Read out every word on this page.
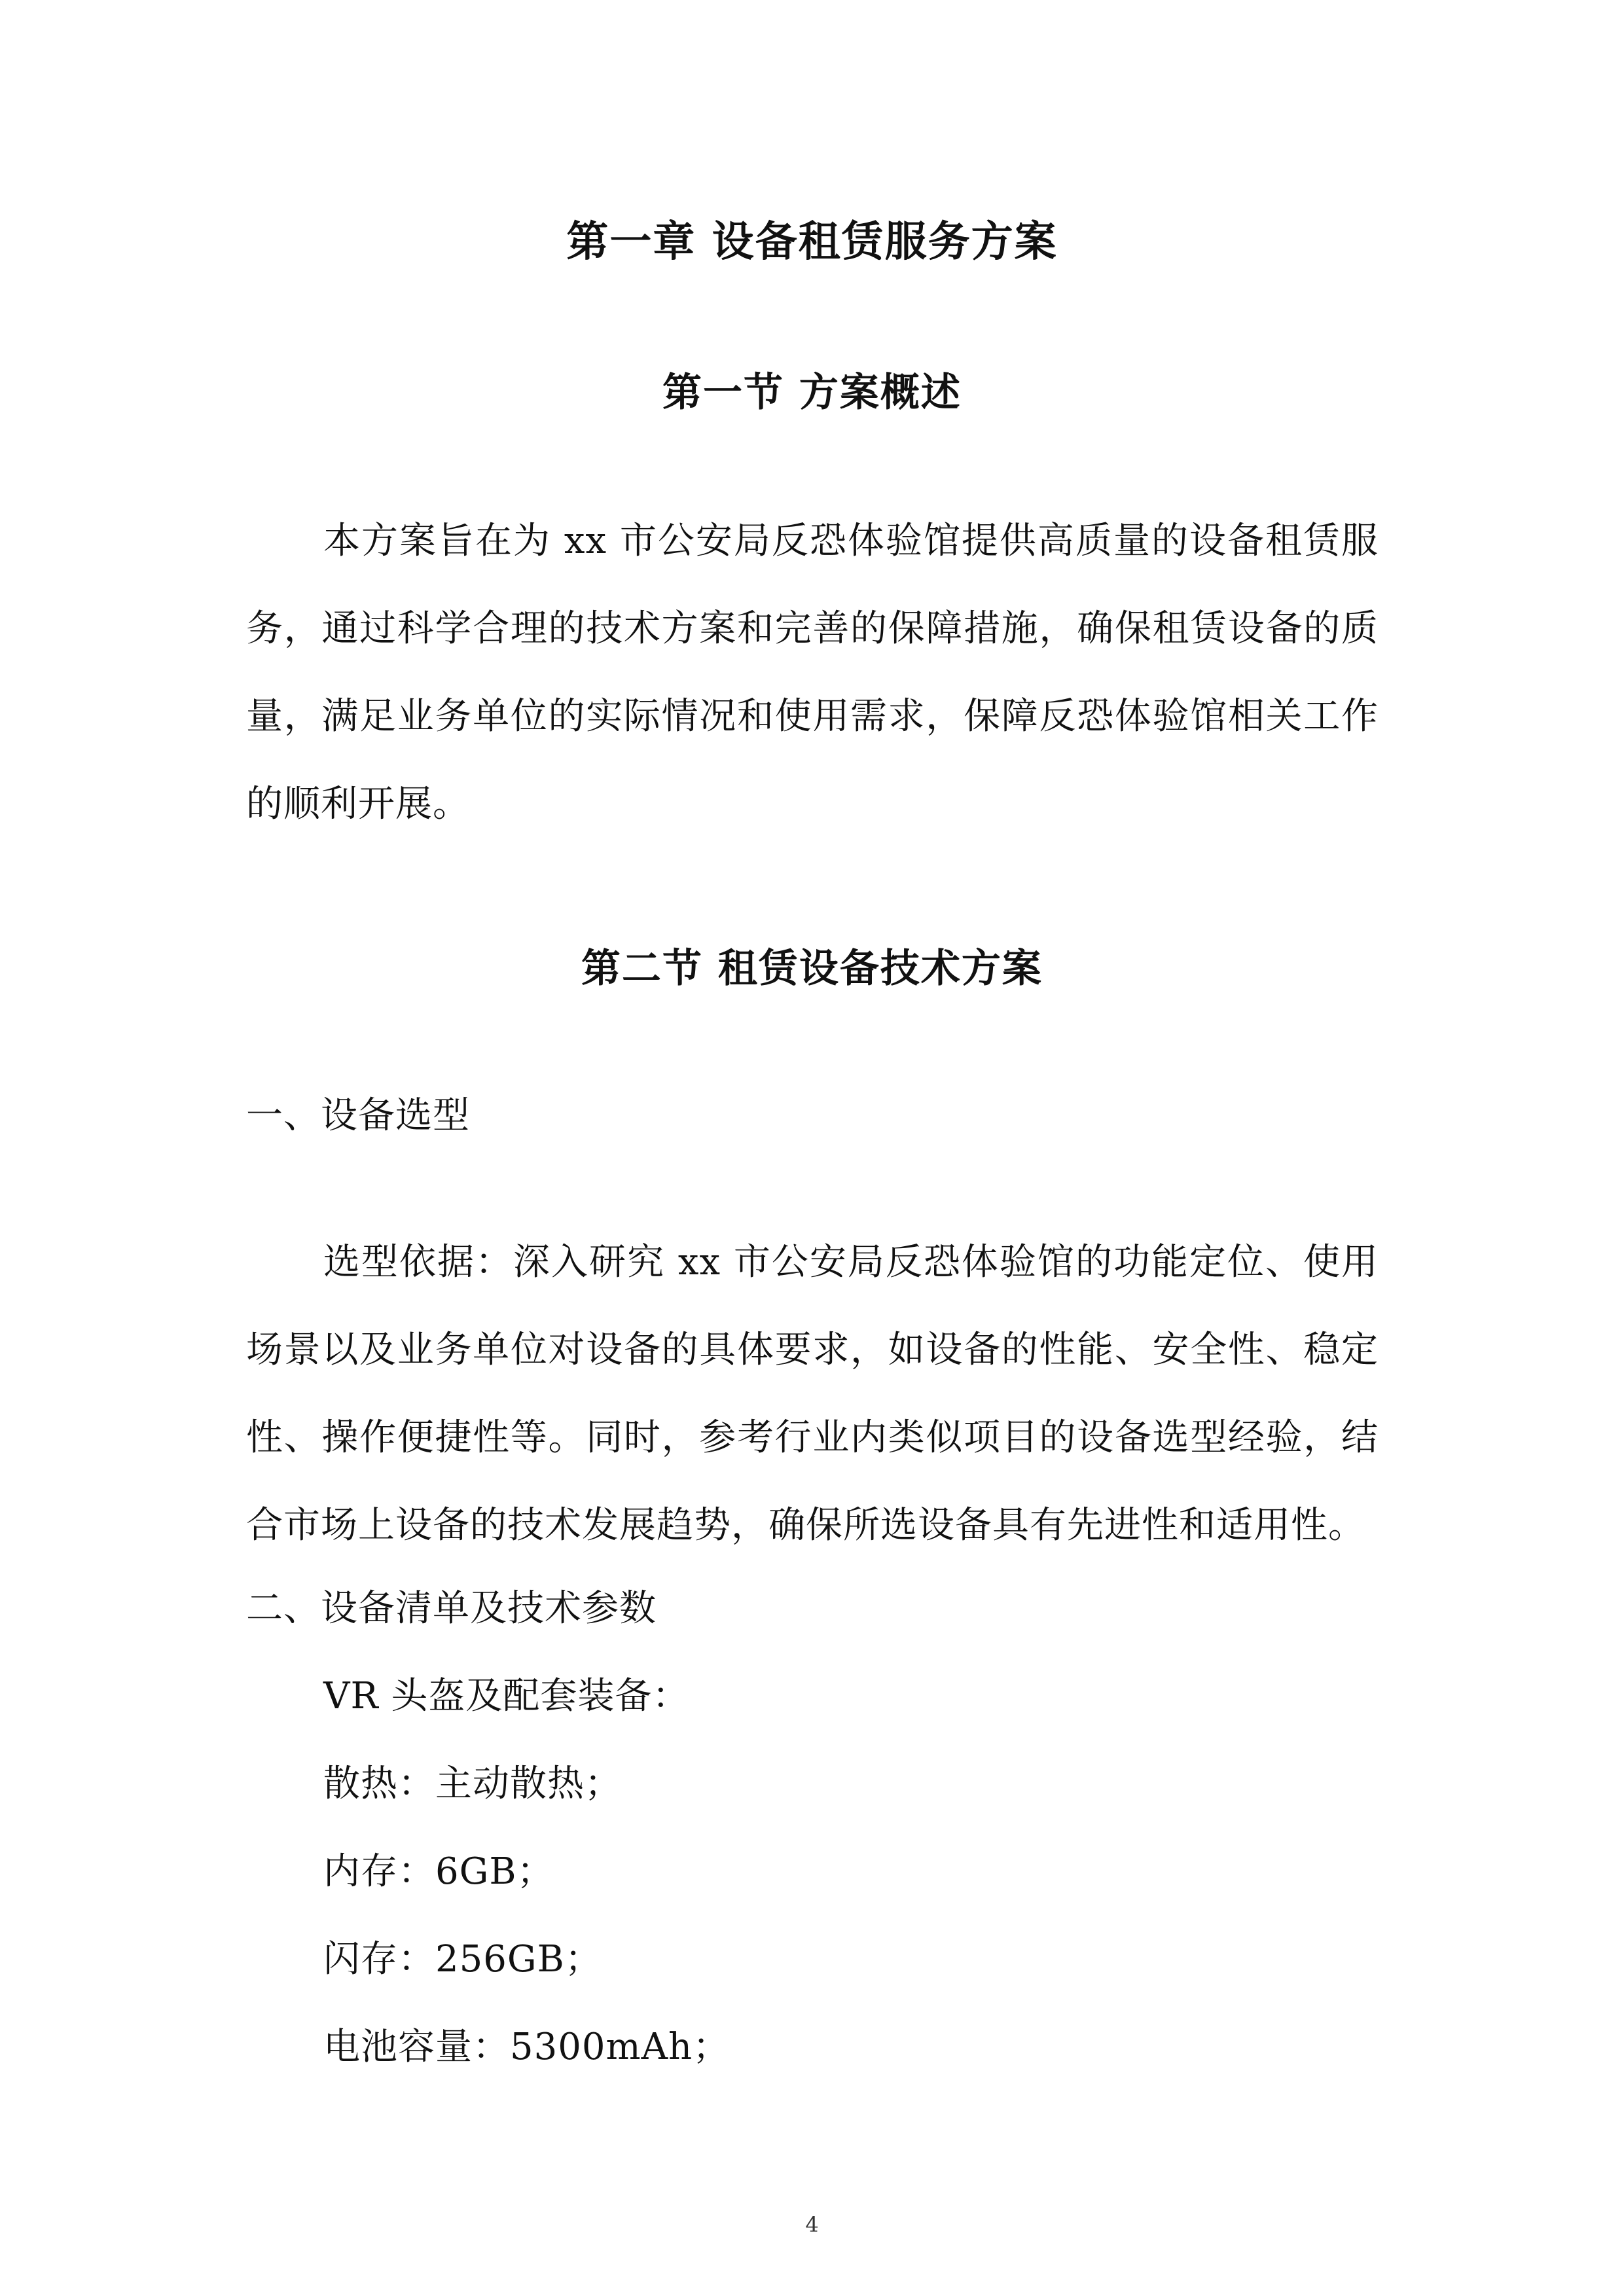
第一章 设备租赁服务方案
第一节 方案概述

本方案旨在为 xx 市公安局反恐体验馆提供高质量的设备租赁服务，通过科学合理的技术方案和完善的保障措施，确保租赁设备的质量，满足业务单位的实际情况和使用需求，保障反恐体验馆相关工作的顺利开展。

第二节 租赁设备技术方案

一、设备选型

选型依据：深入研究 xx 市公安局反恐体验馆的功能定位、使用场景以及业务单位对设备的具体要求，如设备的性能、安全性、稳定性、操作便捷性等。同时，参考行业内类似项目的设备选型经验，结合市场上设备的技术发展趋势，确保所选设备具有先进性和适用性。

二、设备清单及技术参数

VR 头盔及配套装备：

散热：主动散热；

内存：6GB；

闪存：256GB；

电池容量：5300mAh；

4
